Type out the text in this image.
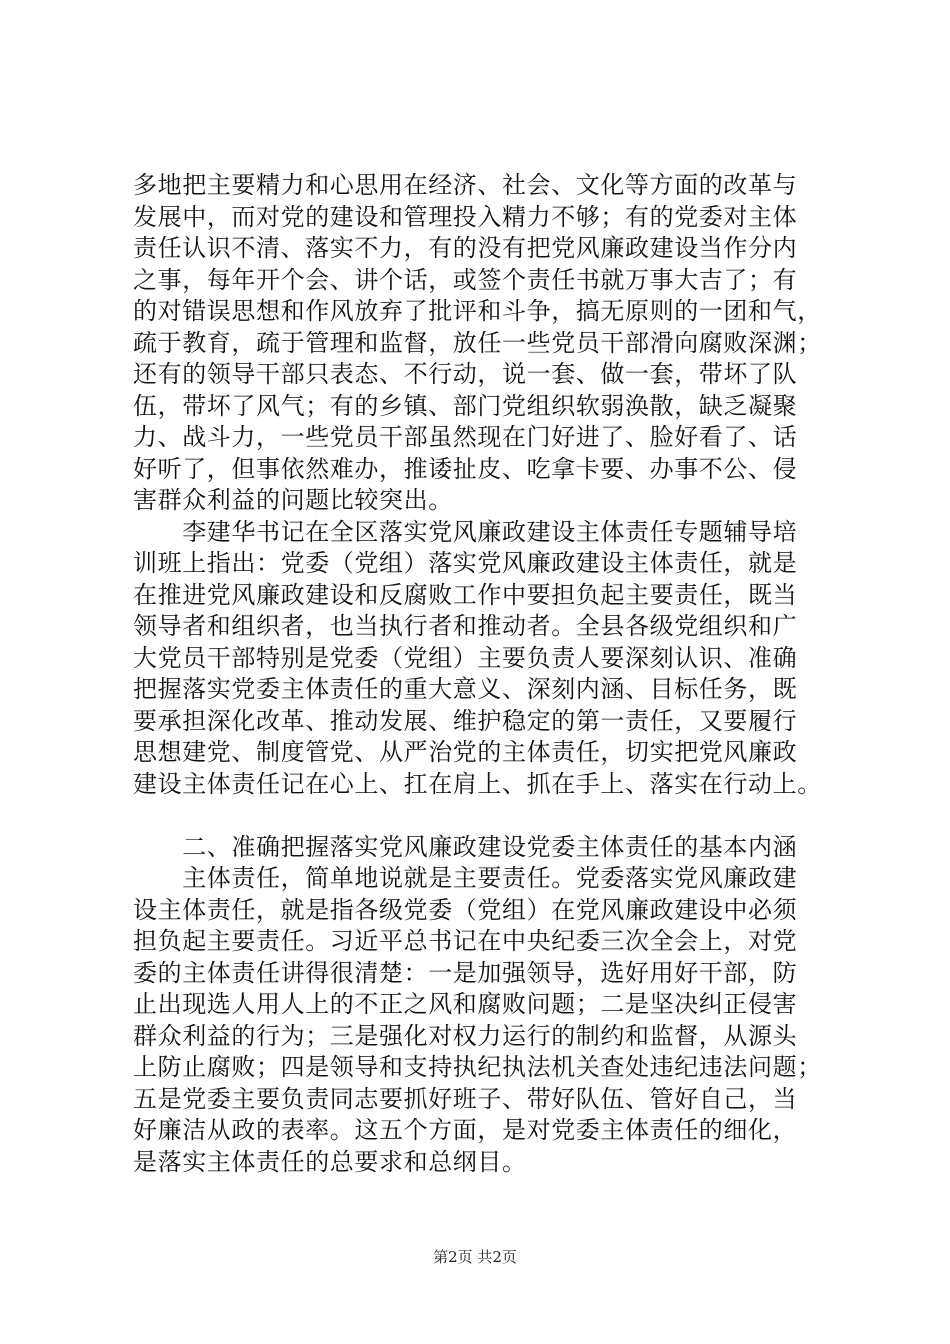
多地把主要精力和心思用在经济、社会、文化等方面的改革与
发展中，而对党的建设和管理投入精力不够；有的党委对主体
责任认识不清、落实不力，有的没有把党风廉政建设当作分内
之事，每年开个会、讲个话，或签个责任书就万事大吉了；有
的对错误思想和作风放弃了批评和斗争，搞无原则的一团和气，
疏于教育，疏于管理和监督，放任一些党员干部滑向腐败深渊；
还有的领导干部只表态、不行动，说一套、做一套，带坏了队
伍，带坏了风气；有的乡镇、部门党组织软弱涣散，缺乏凝聚
力、战斗力，一些党员干部虽然现在门好进了、脸好看了、话
好听了，但事依然难办，推诿扯皮、吃拿卡要、办事不公、侵
害群众利益的问题比较突出。
　　李建华书记在全区落实党风廉政建设主体责任专题辅导培
训班上指出：党委（党组）落实党风廉政建设主体责任，就是
在推进党风廉政建设和反腐败工作中要担负起主要责任，既当
领导者和组织者，也当执行者和推动者。全县各级党组织和广
大党员干部特别是党委（党组）主要负责人要深刻认识、准确
把握落实党委主体责任的重大意义、深刻内涵、目标任务，既
要承担深化改革、推动发展、维护稳定的第一责任，又要履行
思想建党、制度管党、从严治党的主体责任，切实把党风廉政
建设主体责任记在心上、扛在肩上、抓在手上、落实在行动上。
　　二、准确把握落实党风廉政建设党委主体责任的基本内涵
　　主体责任，简单地说就是主要责任。党委落实党风廉政建
设主体责任，就是指各级党委（党组）在党风廉政建设中必须
担负起主要责任。习近平总书记在中央纪委三次全会上，对党
委的主体责任讲得很清楚：一是加强领导，选好用好干部，防
止出现选人用人上的不正之风和腐败问题；二是坚决纠正侵害
群众利益的行为；三是强化对权力运行的制约和监督，从源头
上防止腐败；四是领导和支持执纪执法机关查处违纪违法问题；
五是党委主要负责同志要抓好班子、带好队伍、管好自己，当
好廉洁从政的表率。这五个方面，是对党委主体责任的细化，
是落实主体责任的总要求和总纲目。
第2页 共2页
